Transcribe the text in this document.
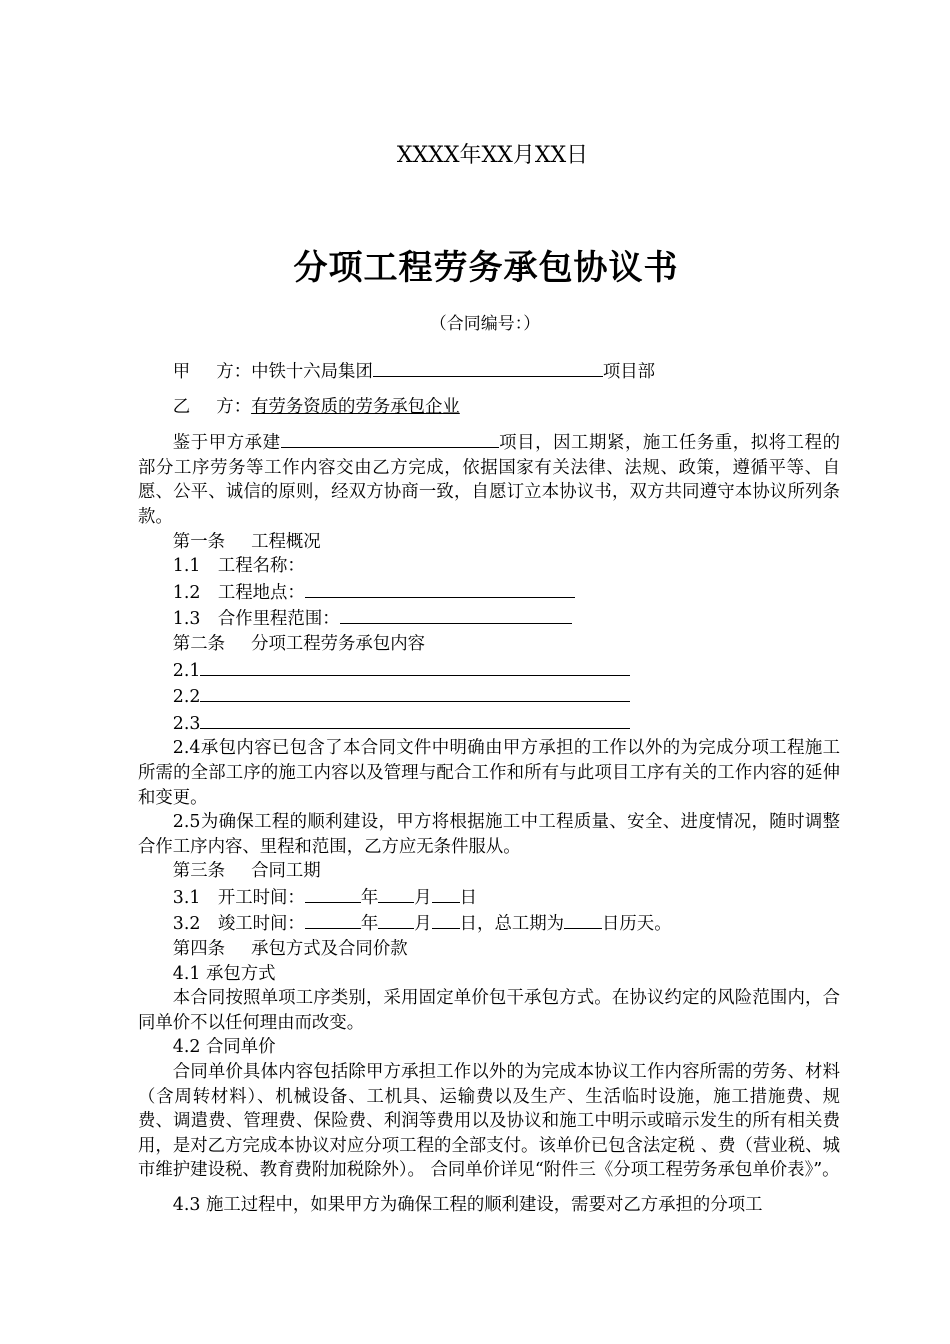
XXXX年XX月XX日
分项工程劳务承包协议书
（合同编号：）

甲 方：中铁十六局集团	项目部

乙 方：有劳务资质的劳务承包企业

鉴于甲方承建	项目，因工期紧，施工任务重，拟将工程的部分工序劳务等工作内容交由乙方完成，依据国家有关法律、法规、政策，遵循平等、自愿、公平、诚信的原则，经双方协商一致，自愿订立本协议书，双方共同遵守本协议所列条款。

第一条 工程概况

1.1 工程名称：

1.2 工程地点：

1.3 合作里程范围：

第二条 分项工程劳务承包内容

2.1

2.2

2.3

2.4承包内容已包含了本合同文件中明确由甲方承担的工作以外的为完成分项工程施工所需的全部工序的施工内容以及管理与配合工作和所有与此项目工序有关的工作内容的延伸和变更。

2.5为确保工程的顺利建设，甲方将根据施工中工程质量、安全、进度情况，随时调整合作工序内容、里程和范围，乙方应无条件服从。

第三条 合同工期

3.1 开工时间：	年 月 日

3.2 竣工时间：	年 月 日，总工期为 日历天。

第四条 承包方式及合同价款

4.1 承包方式

本合同按照单项工序类别，采用固定单价包干承包方式。在协议约定的风险范围内，合同单价不以任何理由而改变。

4.2 合同单价

合同单价具体内容包括除甲方承担工作以外的为完成本协议工作内容所需的劳务、材料（含周转材料）、机械设备、工机具、运输费以及生产、生活临时设施，施工措施费、规费、调遣费、管理费、保险费、利润等费用以及协议和施工中明示或暗示发生的所有相关费用，是对乙方完成本协议对应分项工程的全部支付。该单价已包含法定税 、费（营业税、城市维护建设税、教育费附加税除外）。 合同单价详见“附件三《分项工程劳务承包单价表》”。

4.3 施工过程中，如果甲方为确保工程的顺利建设，需要对乙方承担的分项工
